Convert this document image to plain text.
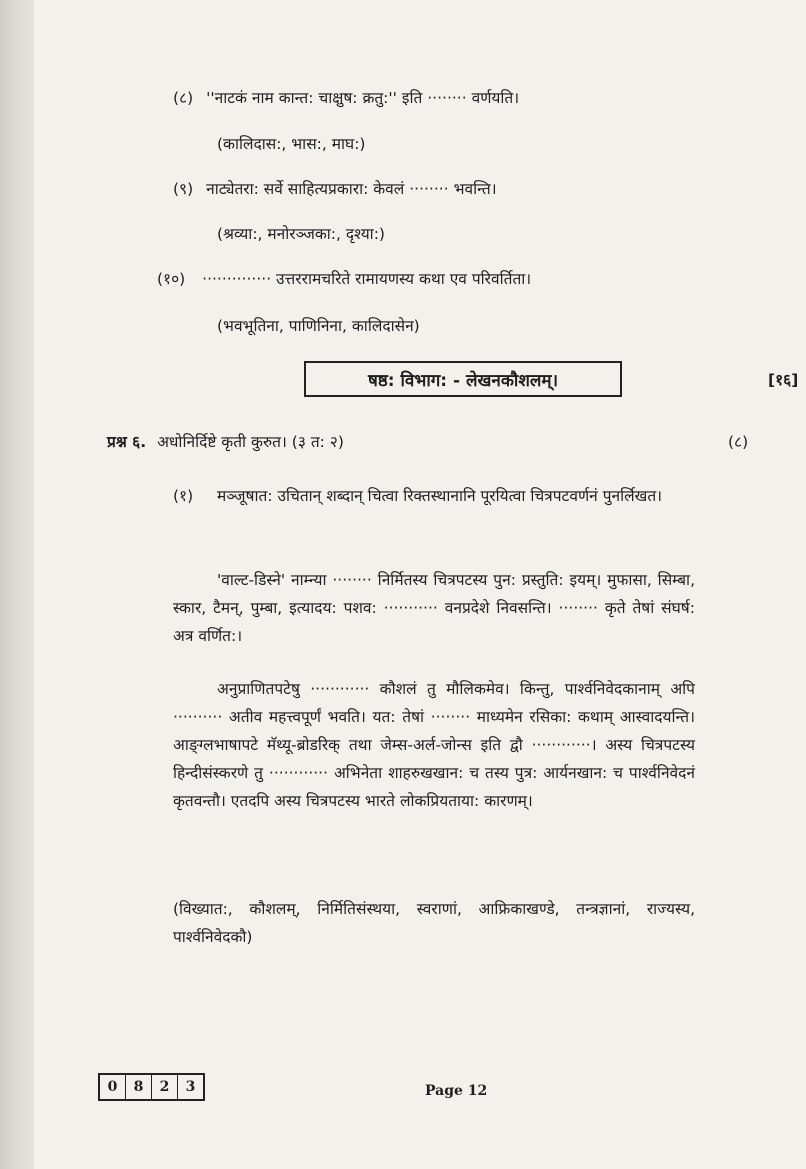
(८) ''नाटकं नाम कान्त: चाक्षुष: क्रतु:'' इति ········ वर्णयति।
(कालिदास:, भास:, माघ:)
(९) नाट्येतरा: सर्वे साहित्यप्रकारा: केवलं ········ भवन्ति।
(श्रव्या:, मनोरञ्जका:, दृश्या:)
(१०) ·············· उत्तररामचरिते रामायणस्य कथा एव परिवर्तिता।
(भवभूतिना, पाणिनिना, कालिदासेन)
षष्ठ: विभाग: - लेखनकौशलम्।	[१६]
प्रश्न ६. अधोनिर्दिष्टे कृती कुरुत। (३ त: २)	(८)
(१) मञ्जूषात: उचितान् शब्दान् चित्वा रिक्तस्थानानि पूरयित्वा चित्रपटवर्णनं पुनर्लिखत।
'वाल्ट-डिस्ने' नाम्न्या ········ निर्मितस्य चित्रपटस्य पुन: प्रस्तुति: इयम्। मुफासा, सिम्बा, स्कार, टैमन्, पुम्बा, इत्यादय: पशव: ··········· वनप्रदेशे निवसन्ति। ········ कृते तेषां संघर्ष: अत्र वर्णित:।
अनुप्राणितपटेषु ············ कौशलं तु मौलिकमेव। किन्तु, पार्श्वनिवेदकानाम् अपि ·········· अतीव महत्त्वपूर्णं भवति। यत: तेषां ········ माध्यमेन रसिका: कथाम् आस्वादयन्ति। आङ्ग्लभाषापटे मॅथ्यू-ब्रोडरिक् तथा जेम्स-अर्ल-जोन्स इति द्वौ ············। अस्य चित्रपटस्य हिन्दीसंस्करणे तु ············ अभिनेता शाहरुखखान: च तस्य पुत्र: आर्यनखान: च पार्श्वनिवेदनं कृतवन्तौ। एतदपि अस्य चित्रपटस्य भारते लोकप्रियताया: कारणम्।
(विख्यात:, कौशलम्, निर्मितिसंस्थया, स्वराणां, आफ्रिकाखण्डे, तन्त्रज्ञानां, राज्यस्य, पार्श्वनिवेदकौ)
0	8	2	3	Page 12
